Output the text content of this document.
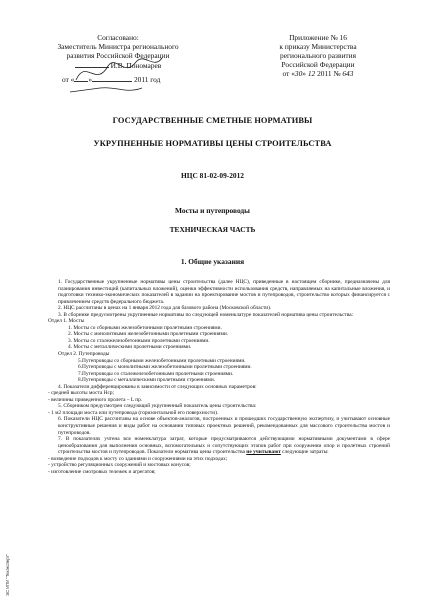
Согласовано:
Заместитель Министра регионального
развития Российской Федерации
И.В. Пономарев
от « »	2011 год
Приложение № 16
к приказу Министерства
регионального развития
Российской Федерации
от «30» 12 2011 № 643
ГОСУДАРСТВЕННЫЕ СМЕТНЫЕ НОРМАТИВЫ
УКРУПНЕННЫЕ НОРМАТИВЫ ЦЕНЫ СТРОИТЕЛЬСТВА
НЦС 81-02-09-2012
Мосты и путепроводы
ТЕХНИЧЕСКАЯ ЧАСТЬ
1. Общие указания

1. Государственные укрупненные нормативы цены строительства (далее НЦС), приведенные в настоящем сборнике, предназначены для планирования инвестиций (капитальных вложений), оценки эффективности использования средств, направляемых на капитальные вложения, и подготовки технико-экономических показателей в задании на проектирование мостов и путепроводов, строительство которых финансируется с привлечением средств федерального бюджета.

2. НЦС рассчитаны в ценах на 1 января 2012 года для базового района (Московской области).

3. В сборнике предусмотрены укрупненные нормативы по следующей номенклатуре показателей норматива цены строительства:

Отдел 1. Мосты

1. Мосты со сборными железобетонными пролетными строениями.

2. Мосты с монолитными железобетонными пролетными строениями.

3. Мосты со сталежелезобетонными пролетными строениями.

4. Мосты с металлическими пролетными строениями.

Отдел 2. Путепроводы

5.Путепроводы со сборными железобетонными пролетными строениями.

6.Путепроводы с монолитными железобетонными пролетными строениями.

7.Путепроводы со сталежелезобетонными пролетными строениями.

8.Путепроводы с металлическими пролетными строениями.

4. Показатели дифференцированы в зависимости от следующих основных параметров:

- средней высоты моста Нср;

- величины приведенного пролета – L пр.

5. Сборником предусмотрен следующий укрупненный показатель цены строительства:

- 1 м2 площади моста или путепровода (горизонтальной его поверхности).

6. Показатели НЦС рассчитаны на основе объектов-аналогов, построенных и прошедших государственную экспертизу, и учитывают основные конструктивные решения и виды работ на основании типовых проектных решений, рекомендованных для массового строительства мостов и путепроводов.

7. В показателях учтена вся номенклатура затрат, которые предусматриваются действующими нормативными документами в сфере ценообразования для выполнения основных, вспомогательных и сопутствующих этапов работ при сооружении опор и пролетных строений строительства мостов и путепроводов. Показатели норматива цены строительства не учитывают следующие затраты:

- возведение подходов к мосту со зданиями и сооружениями на этих подходах;

- устройство регуляционных сооружений и мостовых конусов;

- изготовление смотровых тележек и агрегатов;

ЭС ИПИ "Техэксперт"
